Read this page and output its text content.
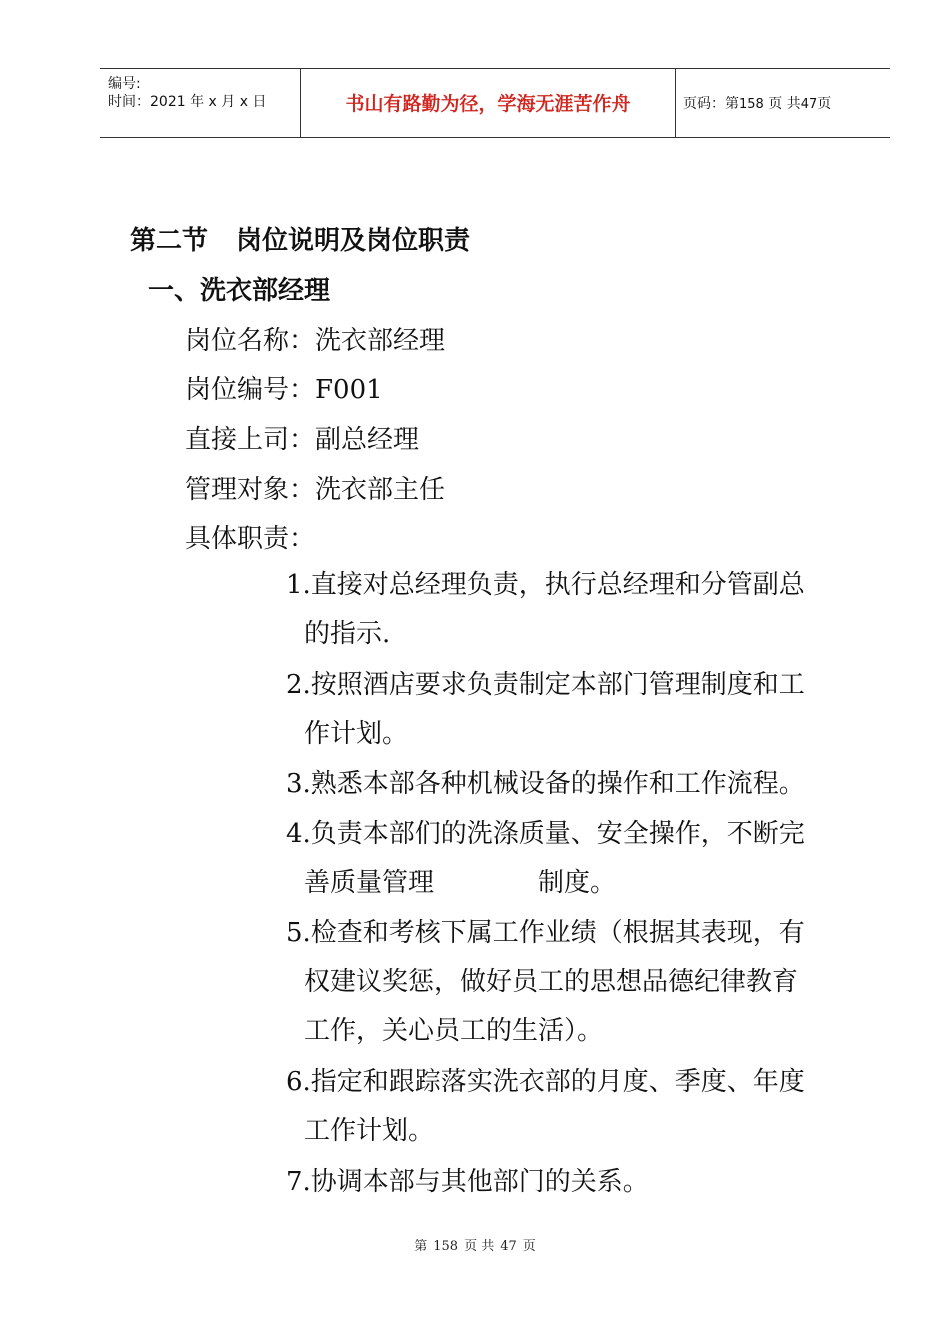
编号:
时间：2021 年 x 月 x 日	书山有路勤为径，学海无涯苦作舟	页码：第158 页 共47页
第二节 岗位说明及岗位职责
一、洗衣部经理
岗位名称：洗衣部经理
岗位编号：F001
直接上司：副总经理
管理对象：洗衣部主任
具体职责：
1.直接对总经理负责，执行总经理和分管副总
的指示.
2.按照酒店要求负责制定本部门管理制度和工
作计划。
3.熟悉本部各种机械设备的操作和工作流程。
4.负责本部们的洗涤质量、安全操作，不断完
善质量管理	制度。
5.检查和考核下属工作业绩（根据其表现，有
权建议奖惩，做好员工的思想品德纪律教育
工作，关心员工的生活）。
6.指定和跟踪落实洗衣部的月度、季度、年度
工作计划。
7.协调本部与其他部门的关系。
第 158 页 共 47 页
